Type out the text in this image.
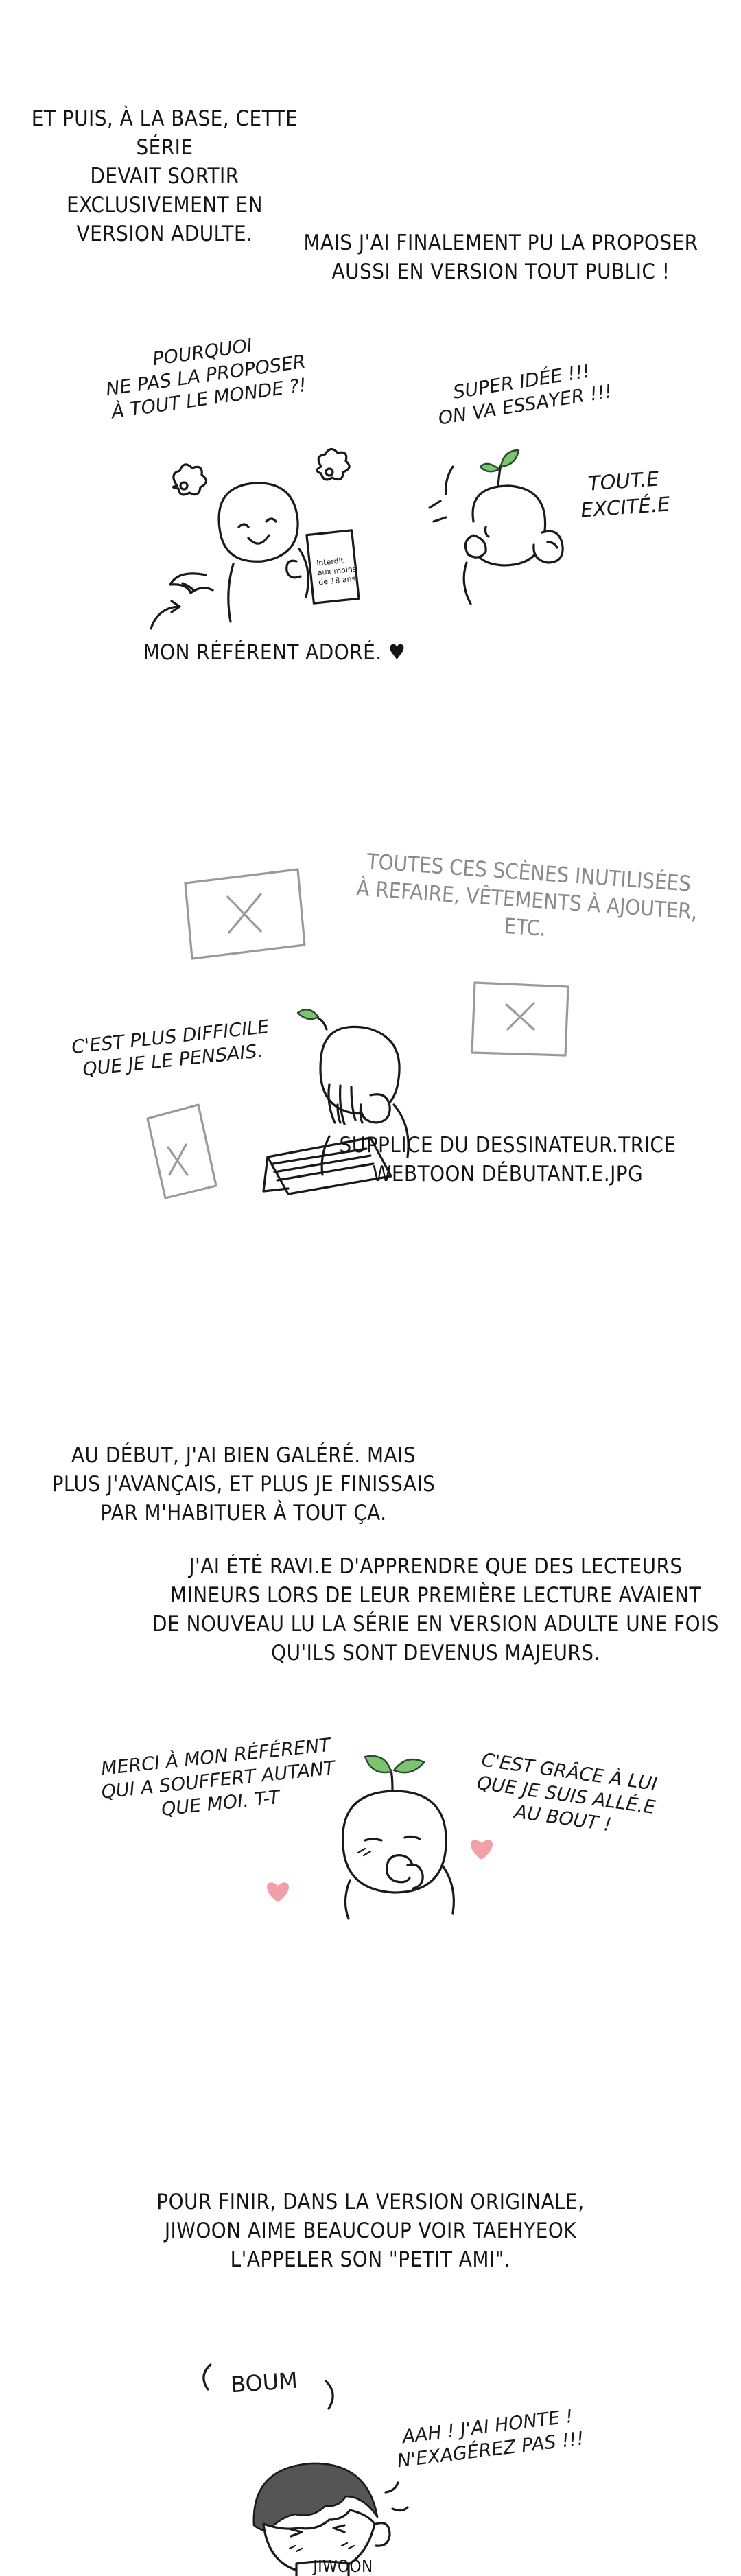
ET PUIS, À LA BASE, CETTE SÉRIE
DEVAIT SORTIR EXCLUSIVEMENT EN
VERSION ADULTE.	MAIS J'AI FINALEMENT PU LA PROPOSER
AUSSI EN VERSION TOUT PUBLIC !

POURQUOI
NE PAS LA PROPOSER
À TOUT LE MONDE ?!	SUPER IDÉE !!!
ON VA ESSAYER !!!

TOUT.E
EXCITÉ.E

interdit
aux moins
de 18 ans

MON RÉFÉRENT ADORÉ. ♥

TOUTES CES SCÈNES INUTILISÉES
À REFAIRE, VÊTEMENTS À AJOUTER,
ETC.

C'EST PLUS DIFFICILE
QUE JE LE PENSAIS.

SUPPLICE DU DESSINATEUR.TRICE
WEBTOON DÉBUTANT.E.JPG

AU DÉBUT, J'AI BIEN GALÉRÉ. MAIS
PLUS J'AVANÇAIS, ET PLUS JE FINISSAIS
PAR M'HABITUER À TOUT ÇA.

J'AI ÉTÉ RAVI.E D'APPRENDRE QUE DES LECTEURS
MINEURS LORS DE LEUR PREMIÈRE LECTURE AVAIENT
DE NOUVEAU LU LA SÉRIE EN VERSION ADULTE UNE FOIS
QU'ILS SONT DEVENUS MAJEURS.

MERCI À MON RÉFÉRENT
QUI A SOUFFERT AUTANT
QUE MOI. T-T

C'EST GRÂCE À LUI
QUE JE SUIS ALLÉ.E
AU BOUT !

POUR FINIR, DANS LA VERSION ORIGINALE,
JIWOON AIME BEAUCOUP VOIR TAEHYEOK
L'APPELER SON "PETIT AMI".

BOUM

AAH ! J'AI HONTE !
N'EXAGÉREZ PAS !!!

JIWOON
